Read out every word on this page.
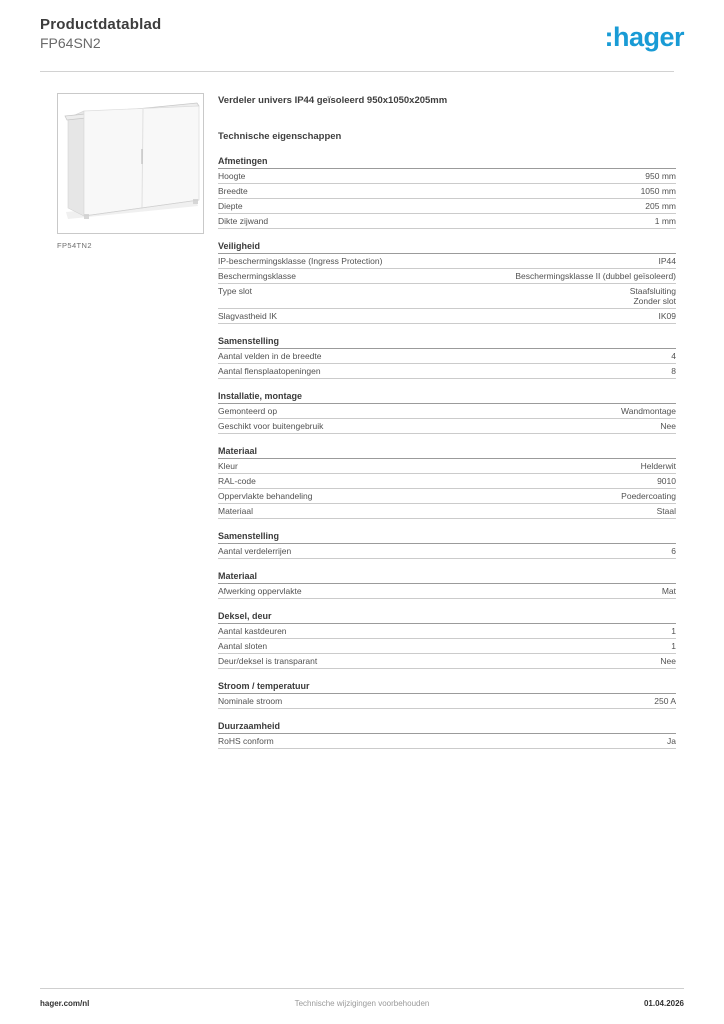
Productdatablad
FP64SN2	:hager
FP54TN2
Verdeler univers IP44 geïsoleerd 950x1050x205mm
Technische eigenschappen
Afmetingen
Hoogte	950 mm
Breedte	1050 mm
Diepte	205 mm
Dikte zijwand	1 mm
Veiligheid
IP-beschermingsklasse (Ingress Protection)	IP44
Beschermingsklasse	Beschermingsklasse II (dubbel geïsoleerd)
Type slot	Staafsluiting
Zonder slot
Slagvastheid IK	IK09
Samenstelling
Aantal velden in de breedte	4
Aantal flensplaatopeningen	8
Installatie, montage
Gemonteerd op	Wandmontage
Geschikt voor buitengebruik	Nee
Materiaal
Kleur	Helderwit
RAL-code	9010
Oppervlakte behandeling	Poedercoating
Materiaal	Staal
Samenstelling
Aantal verdelerrijen	6
Materiaal
Afwerking oppervlakte	Mat
Deksel, deur
Aantal kastdeuren	1
Aantal sloten	1
Deur/deksel is transparant	Nee
Stroom / temperatuur
Nominale stroom	250 A
Duurzaamheid
RoHS conform	Ja
Technische wijzigingen voorbehouden
hager.com/nl	01.04.2026
